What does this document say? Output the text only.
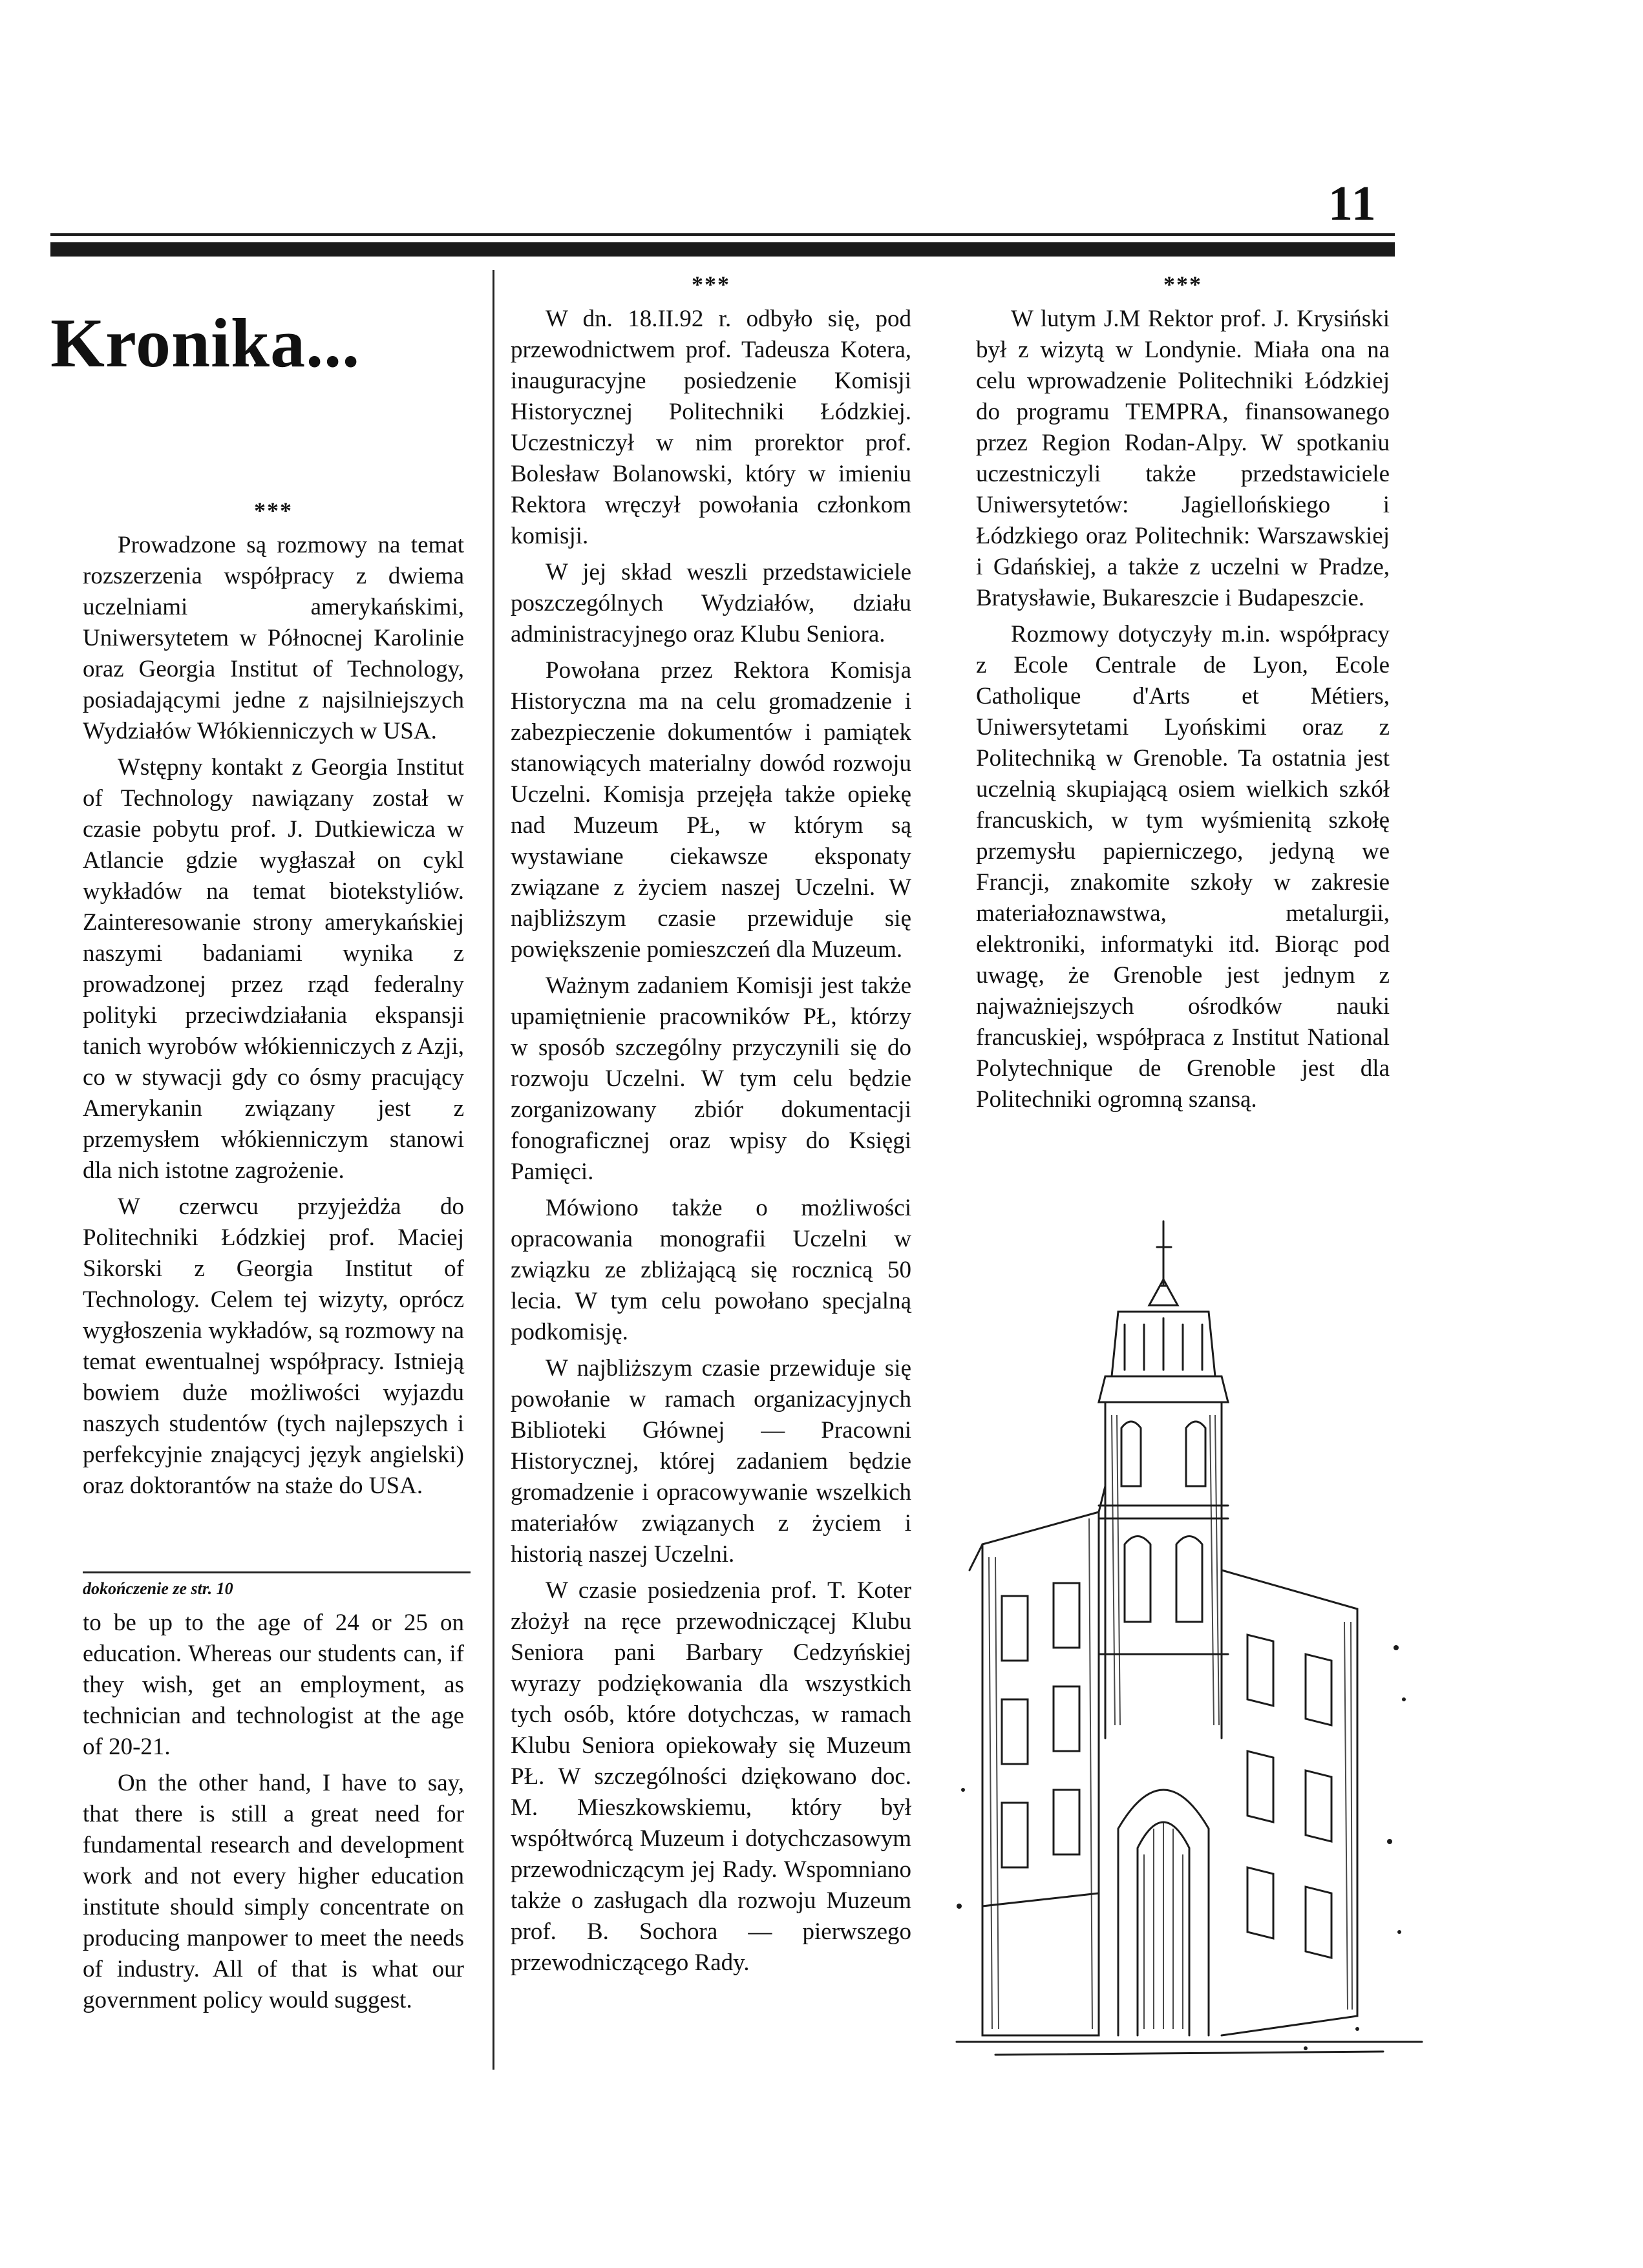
11
Kronika...
***

Prowadzone są rozmowy na temat rozszerzenia współpracy z dwiema uczelniami amerykańskimi, Uniwersytetem w Północnej Karolinie oraz Georgia Institut of Technology, posiadającymi jedne z najsilniejszych Wydziałów Włókienniczych w USA.

Wstępny kontakt z Georgia Institut of Technology nawiązany został w czasie pobytu prof. J. Dutkiewicza w Atlancie gdzie wygłaszał on cykl wykładów na temat biotekstyliów. Zainteresowanie strony amerykańskiej naszymi badaniami wynika z prowadzonej przez rząd federalny polityki przeciwdziałania ekspansji tanich wyrobów włókienniczych z Azji, co w stywacji gdy co ósmy pracujący Amerykanin związany jest z przemysłem włókienniczym stanowi dla nich istotne zagrożenie.

W czerwcu przyjeżdża do Politechniki Łódzkiej prof. Maciej Sikorski z Georgia Institut of Technology. Celem tej wizyty, oprócz wygłoszenia wykładów, są rozmowy na temat ewentualnej współpracy. Istnieją bowiem duże możliwości wyjazdu naszych studentów (tych najlepszych i perfekcyjnie znającycj język angielski) oraz doktorantów na staże do USA.

dokończenie ze str. 10

to be up to the age of 24 or 25 on education. Whereas our students can, if they wish, get an employment, as technician and technologist at the age of 20-21.

On the other hand, I have to say, that there is still a great need for fundamental research and development work and not every higher education institute should simply concentrate on producing manpower to meet the needs of industry. All of that is what our government policy would suggest.

***

W dn. 18.II.92 r. odbyło się, pod przewodnictwem prof. Tadeusza Kotera, inauguracyjne posiedzenie Komisji Historycznej Politechniki Łódzkiej. Uczestniczył w nim prorektor prof. Bolesław Bolanowski, który w imieniu Rektora wręczył powołania członkom komisji.

W jej skład weszli przedstawiciele poszczególnych Wydziałów, działu administracyjnego oraz Klubu Seniora.

Powołana przez Rektora Komisja Historyczna ma na celu gromadzenie i zabezpieczenie dokumentów i pamiątek stanowiących materialny dowód rozwoju Uczelni. Komisja przejęła także opiekę nad Muzeum PŁ, w którym są wystawiane ciekawsze eksponaty związane z życiem naszej Uczelni. W najbliższym czasie przewiduje się powiększenie pomieszczeń dla Muzeum.

Ważnym zadaniem Komisji jest także upamiętnienie pracowników PŁ, którzy w sposób szczególny przyczynili się do rozwoju Uczelni. W tym celu będzie zorganizowany zbiór dokumentacji fonograficznej oraz wpisy do Księgi Pamięci.

Mówiono także o możliwości opracowania monografii Uczelni w związku ze zbliżającą się rocznicą 50 lecia. W tym celu powołano specjalną podkomisję.

W najbliższym czasie przewiduje się powołanie w ramach organizacyjnych Biblioteki Głównej — Pracowni Historycznej, której zadaniem będzie gromadzenie i opracowywanie wszelkich materiałów związanych z życiem i historią naszej Uczelni.

W czasie posiedzenia prof. T. Koter złożył na ręce przewodniczącej Klubu Seniora pani Barbary Cedzyńskiej wyrazy podziękowania dla wszystkich tych osób, które dotychczas, w ramach Klubu Seniora opiekowały się Muzeum PŁ. W szczególności dziękowano doc. M. Mieszkowskiemu, który był współtwórcą Muzeum i dotychczasowym przewodniczącym jej Rady. Wspomniano także o zasługach dla rozwoju Muzeum prof. B. Sochora — pierwszego przewodniczącego Rady.

***

W lutym J.M Rektor prof. J. Krysiński był z wizytą w Londynie. Miała ona na celu wprowadzenie Politechniki Łódzkiej do programu TEMPRA, finansowanego przez Region Rodan-Alpy. W spotkaniu uczestniczyli także przedstawiciele Uniwersytetów: Jagiellońskiego i Łódzkiego oraz Politechnik: Warszawskiej i Gdańskiej, a także z uczelni w Pradze, Bratysławie, Bukareszcie i Budapeszcie.

Rozmowy dotyczyły m.in. współpracy z Ecole Centrale de Lyon, Ecole Catholique d'Arts et Métiers, Uniwersytetami Lyońskimi oraz z Politechniką w Grenoble. Ta ostatnia jest uczelnią skupiającą osiem wielkich szkół francuskich, w tym wyśmienitą szkołę przemysłu papierniczego, jedyną we Francji, znakomite szkoły w zakresie materiałoznawstwa, metalurgii, elektroniki, informatyki itd. Biorąc pod uwagę, że Grenoble jest jednym z najważniejszych ośrodków nauki francuskiej, współpraca z Institut National Polytechnique de Grenoble jest dla Politechniki ogromną szansą.
